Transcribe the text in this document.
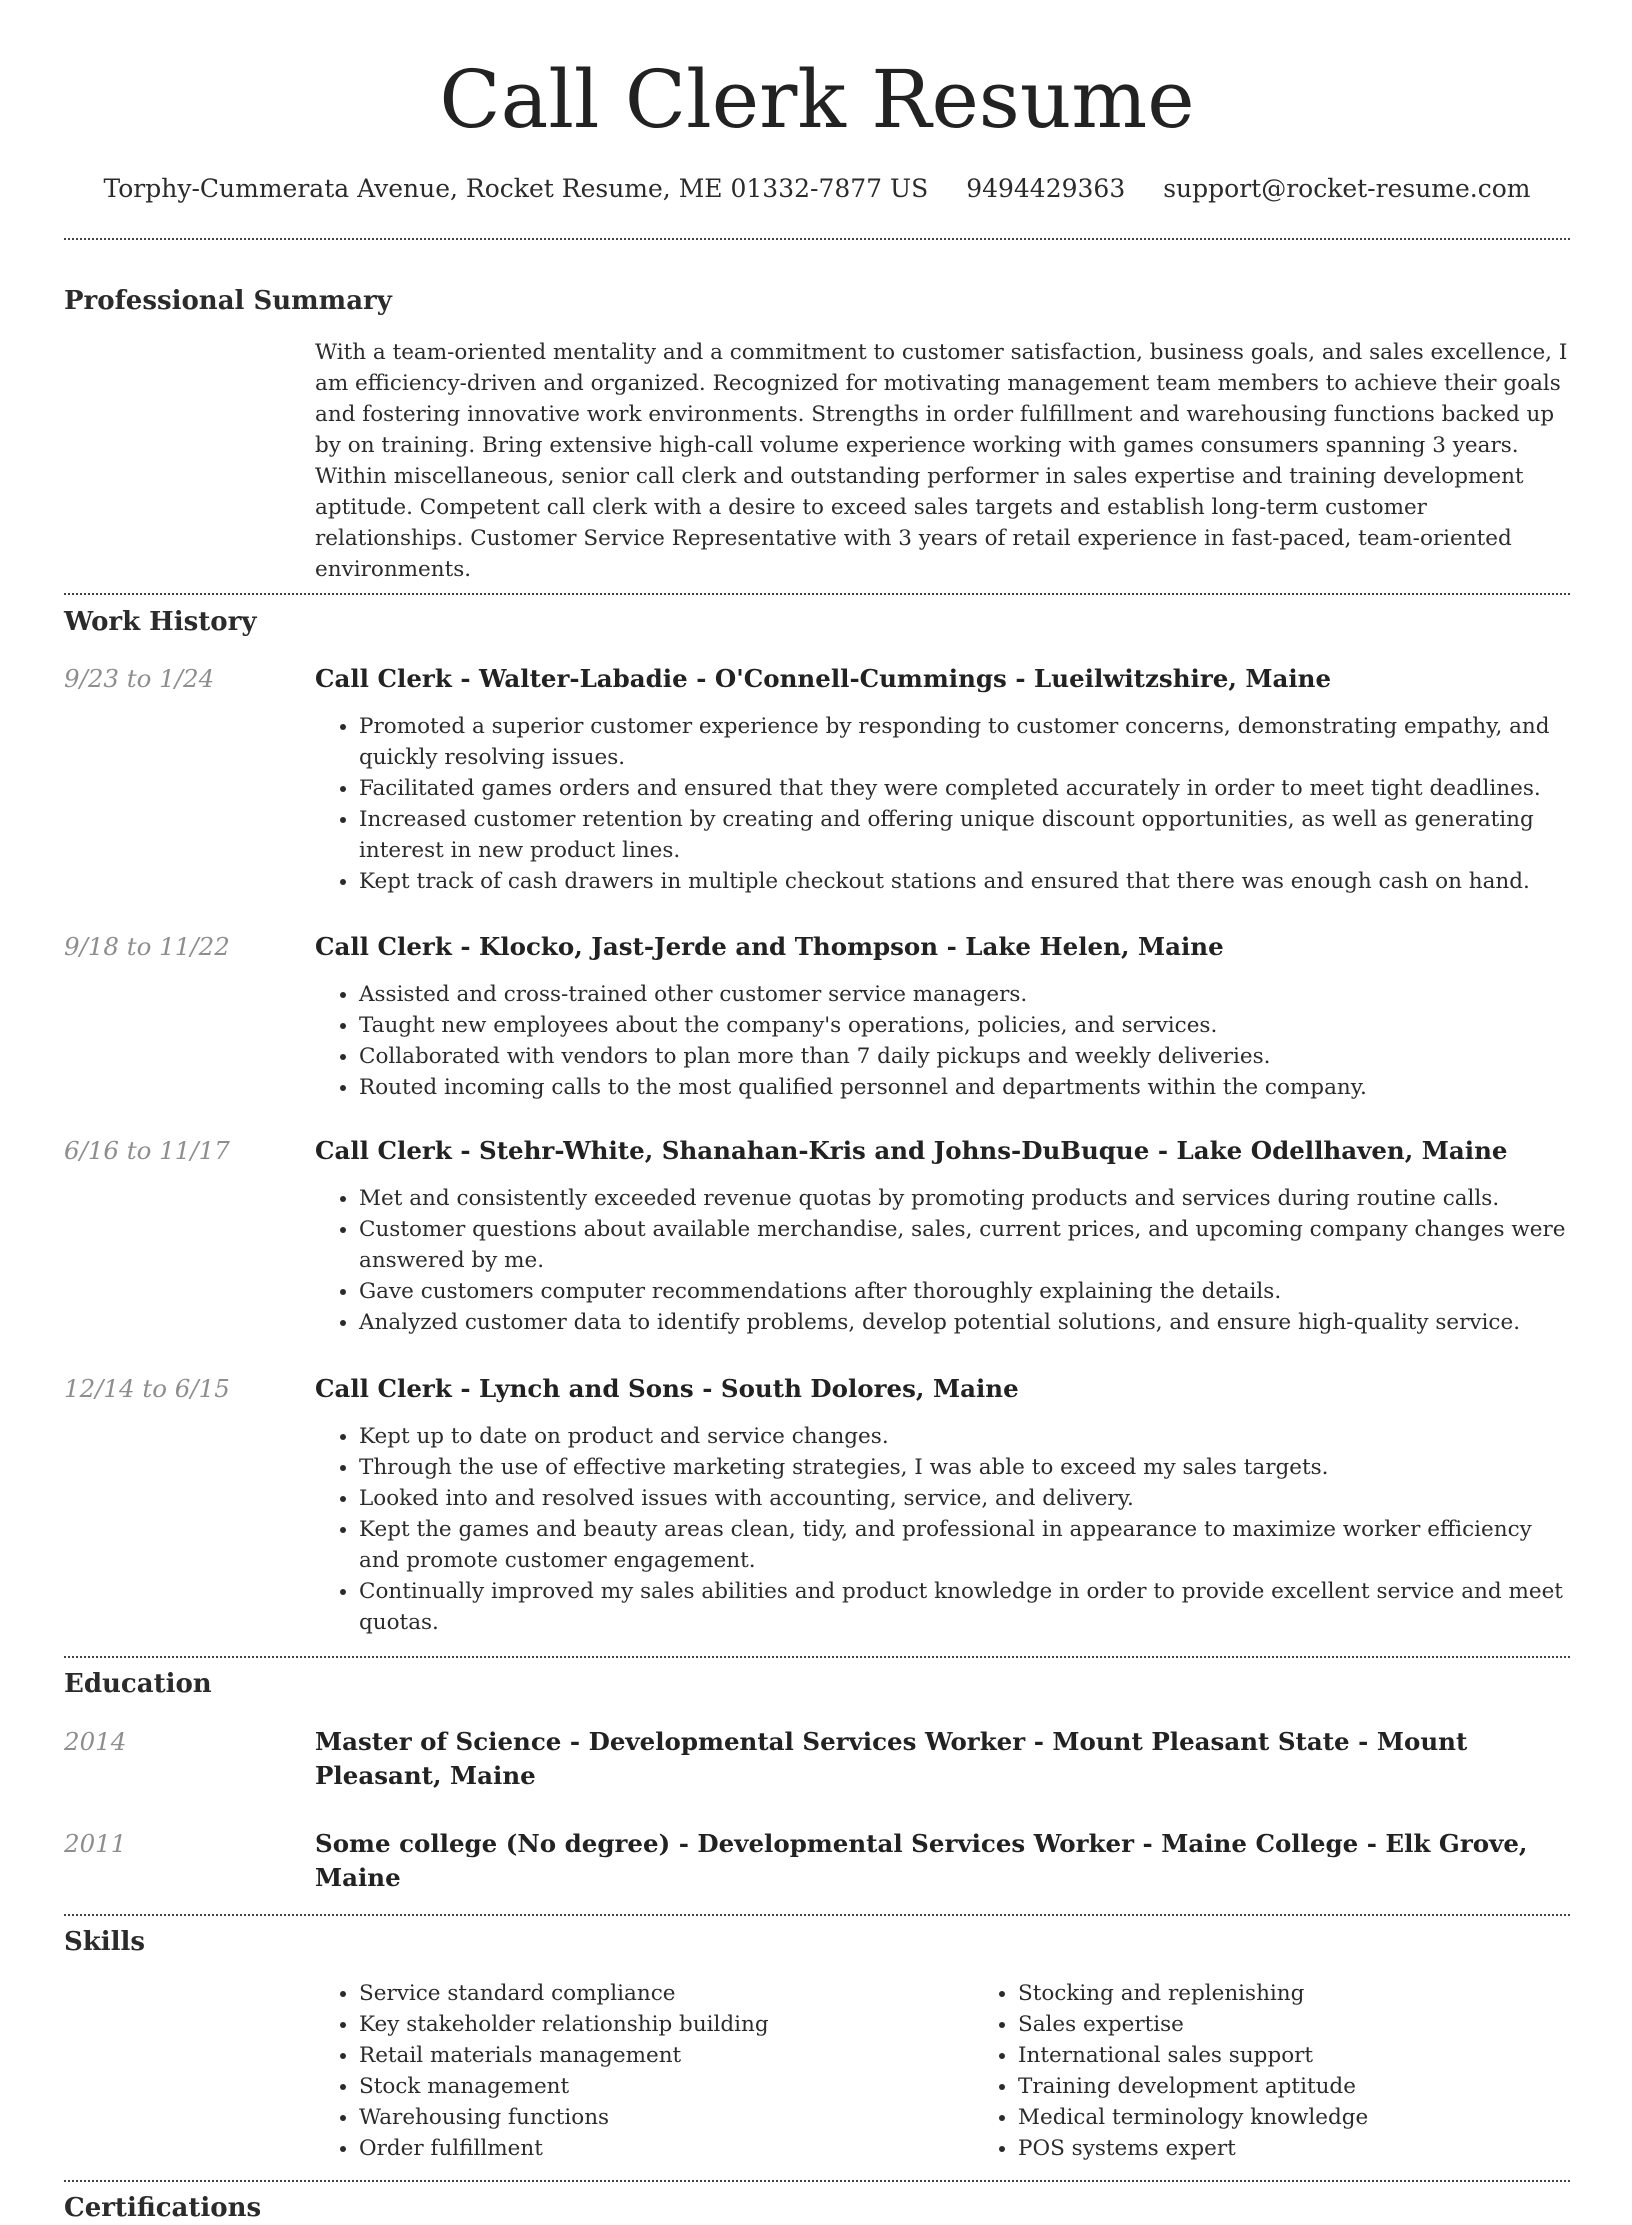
Call Clerk Resume
Torphy-Cummerata Avenue, Rocket Resume, ME 01332-7877 US 9494429363 support@rocket-resume.com
Professional Summary

With a team-oriented mentality and a commitment to customer satisfaction, business goals, and sales excellence, I am efficiency-driven and organized. Recognized for motivating management team members to achieve their goals and fostering innovative work environments. Strengths in order fulfillment and warehousing functions backed up by on training. Bring extensive high-call volume experience working with games consumers spanning 3 years. Within miscellaneous, senior call clerk and outstanding performer in sales expertise and training development aptitude. Competent call clerk with a desire to exceed sales targets and establish long-term customer relationships. Customer Service Representative with 3 years of retail experience in fast-paced, team-oriented environments.

Work History
9/23 to 1/24	Call Clerk - Walter-Labadie - O'Connell-Cummings - Lueilwitzshire, Maine
• Promoted a superior customer experience by responding to customer concerns, demonstrating empathy, and quickly resolving issues.
• Facilitated games orders and ensured that they were completed accurately in order to meet tight deadlines.
• Increased customer retention by creating and offering unique discount opportunities, as well as generating interest in new product lines.
• Kept track of cash drawers in multiple checkout stations and ensured that there was enough cash on hand.
9/18 to 11/22	Call Clerk - Klocko, Jast-Jerde and Thompson - Lake Helen, Maine
• Assisted and cross-trained other customer service managers.
• Taught new employees about the company's operations, policies, and services.
• Collaborated with vendors to plan more than 7 daily pickups and weekly deliveries.
• Routed incoming calls to the most qualified personnel and departments within the company.
6/16 to 11/17	Call Clerk - Stehr-White, Shanahan-Kris and Johns-DuBuque - Lake Odellhaven, Maine
• Met and consistently exceeded revenue quotas by promoting products and services during routine calls.
• Customer questions about available merchandise, sales, current prices, and upcoming company changes were answered by me.
• Gave customers computer recommendations after thoroughly explaining the details.
• Analyzed customer data to identify problems, develop potential solutions, and ensure high-quality service.
12/14 to 6/15	Call Clerk - Lynch and Sons - South Dolores, Maine
• Kept up to date on product and service changes.
• Through the use of effective marketing strategies, I was able to exceed my sales targets.
• Looked into and resolved issues with accounting, service, and delivery.
• Kept the games and beauty areas clean, tidy, and professional in appearance to maximize worker efficiency and promote customer engagement.
• Continually improved my sales abilities and product knowledge in order to provide excellent service and meet quotas.
Education
2014	Master of Science - Developmental Services Worker - Mount Pleasant State - Mount Pleasant, Maine
2011	Some college (No degree) - Developmental Services Worker - Maine College - Elk Grove, Maine
Skills
• Service standard compliance
• Key stakeholder relationship building
• Retail materials management
• Stock management
• Warehousing functions
• Order fulfillment
• Stocking and replenishing
• Sales expertise
• International sales support
• Training development aptitude
• Medical terminology knowledge
• POS systems expert
Certifications
